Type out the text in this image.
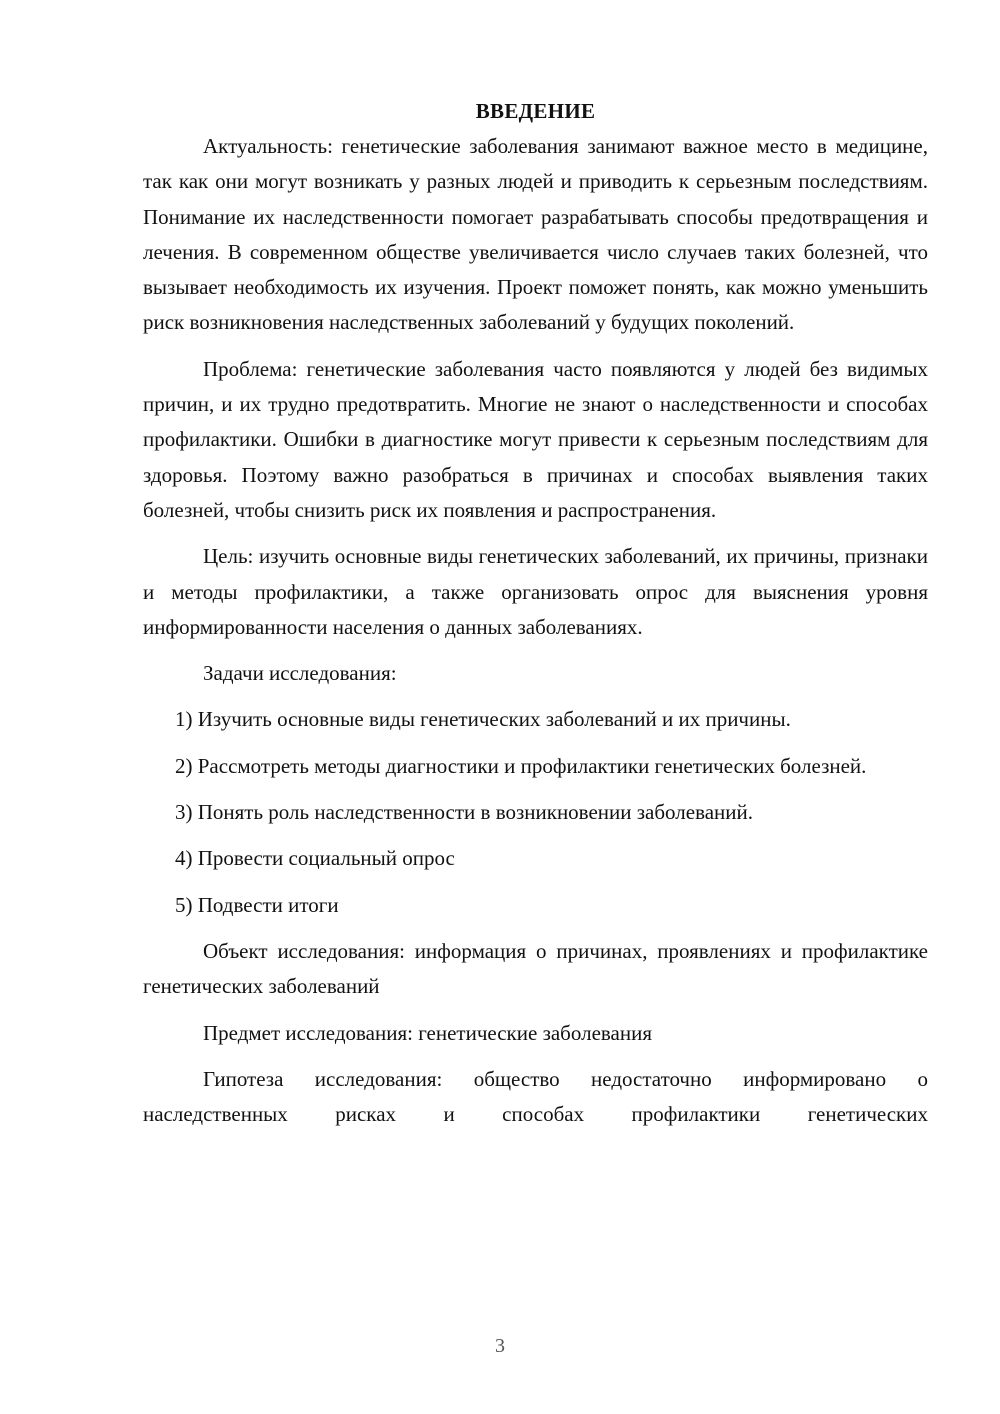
ВВЕДЕНИЕ

Актуальность: генетические заболевания занимают важное место в медицине, так как они могут возникать у разных людей и приводить к серьезным последствиям. Понимание их наследственности помогает разрабатывать способы предотвращения и лечения. В современном обществе увеличивается число случаев таких болезней, что вызывает необходимость их изучения. Проект поможет понять, как можно уменьшить риск возникновения наследственных заболеваний у будущих поколений.

Проблема: генетические заболевания часто появляются у людей без видимых причин, и их трудно предотвратить. Многие не знают о наследственности и способах профилактики. Ошибки в диагностике могут привести к серьезным последствиям для здоровья. Поэтому важно разобраться в причинах и способах выявления таких болезней, чтобы снизить риск их появления и распространения.

Цель: изучить основные виды генетических заболеваний, их причины, признаки и методы профилактики, а также организовать опрос для выяснения уровня информированности населения о данных заболеваниях.

Задачи исследования:

1) Изучить основные виды генетических заболеваний и их причины.

2) Рассмотреть методы диагностики и профилактики генетических болезней.

3) Понять роль наследственности в возникновении заболеваний.

4) Провести социальный опрос

5) Подвести итоги

Объект исследования: информация о причинах, проявлениях и профилактике генетических заболеваний

Предмет исследования: генетические заболевания

Гипотеза исследования: общество недостаточно информировано о наследственных рисках и способах профилактики генетических

3
